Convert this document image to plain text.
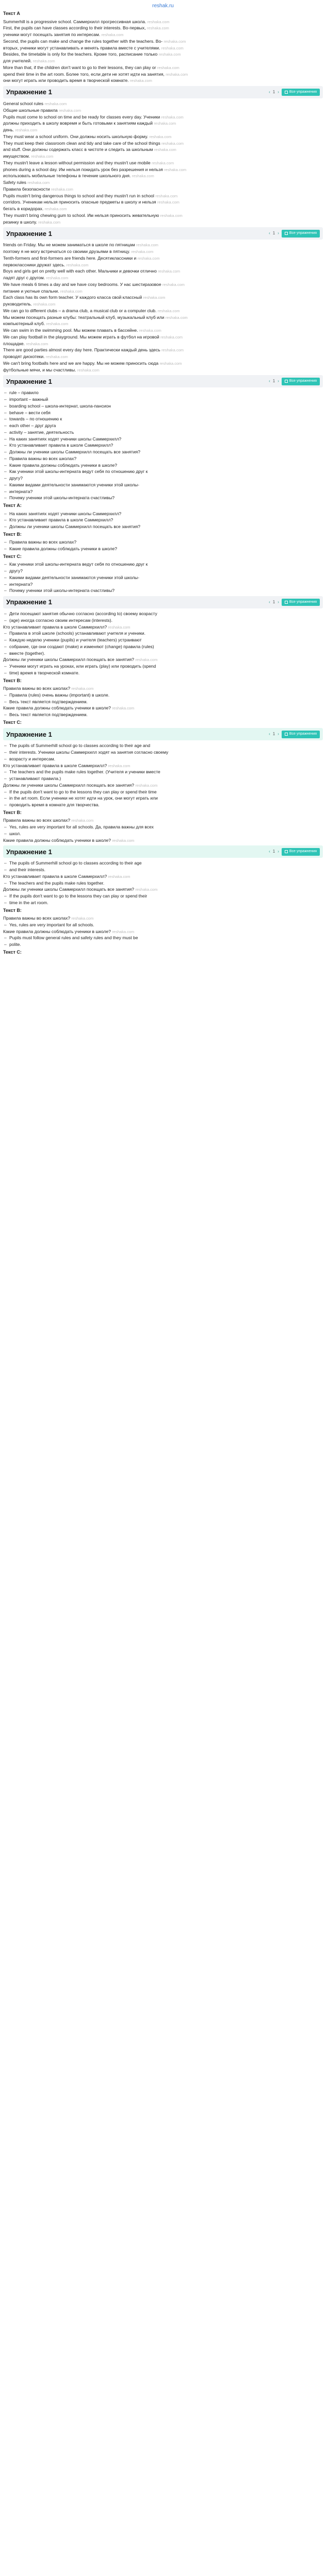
reshak.ru
Текст А

Summerhill is a progressive school. Саммерхилл прогрессивная школа. reshaka.com

First, the pupils can have classes according to their interests. Во-первых, reshaka.com

ученики могут посещать занятия по интересам. reshaka.com

Second, the pupils can make and change the rules together with the teachers. Во- reshaka.com

вторых, ученики могут устанавливать и менять правила вместе с учителями. reshaka.com

Besides, the timetable is only for the teachers. Кроме того, расписание только reshaka.com

для учителей. reshaka.com

More than that, if the children don't want to go to their lessons, they can play or reshaka.com

spend their time in the art room. Более того, если дети не хотят идти на занятия, reshaka.com

они могут играть или проводить время в творческой комнате. reshaka.com

Упражнение 1	‹ 1 ›	Все упражнения

General school rules reshaka.com

Общие школьные правила reshaka.com

Pupils must come to school on time and be ready for classes every day. Ученики reshaka.com

должны приходить в школу вовремя и быть готовыми к занятиям каждый reshaka.com

день. reshaka.com

They must wear a school uniform. Они должны носить школьную форму. reshaka.com

They must keep their classroom clean and tidy and take care of the school things reshaka.com

and stuff. Они должны содержать класс в чистоте и следить за школьным reshaka.com

имуществом. reshaka.com

They mustn't leave a lesson without permission and they mustn't use mobile reshaka.com

phones during a school day. Им нельзя покидать урок без разрешения и нельзя reshaka.com

использовать мобильные телефоны в течение школьного дня. reshaka.com

Safety rules reshaka.com

Правила безопасности reshaka.com

Pupils mustn't bring dangerous things to school and they mustn't run in school reshaka.com

corridors. Ученикам нельзя приносить опасные предметы в школу и нельзя reshaka.com

бегать в коридорах. reshaka.com

They mustn't bring chewing gum to school. Им нельзя приносить жевательную reshaka.com

резинку в школу. reshaka.com

Упражнение 1	‹ 1 ›	Все упражнения

friends on Friday. Мы не можем заниматься в школе по пятницам reshaka.com

поэтому я не могу встречаться со своими друзьями в пятницу. reshaka.com

Tenth-formers and first-formers are friends here. Десятиклассники и reshaka.com

первоклассники дружат здесь. reshaka.com

Boys and girls get on pretty well with each other. Мальчики и девочки отлично reshaka.com

ладят друг с другом. reshaka.com

We have meals 6 times a day and we have cosy bedrooms. У нас шестиразовое reshaka.com

питание и уютные спальни. reshaka.com

Each class has its own form teacher. У каждого класса свой классный reshaka.com

руководитель. reshaka.com

We can go to different clubs – a drama club, a musical club or a computer club. reshaka.com

Мы можем посещать разные клубы: театральный клуб, музыкальный клуб или reshaka.com

компьютерный клуб. reshaka.com

We can swim in the swimming pool. Мы можем плавать в бассейне. reshaka.com

We can play football in the playground. Мы можем играть в футбол на игровой reshaka.com

площадке. reshaka.com

There are good parties almost every day here. Практически каждый день здесь reshaka.com

проводят дискотеки. reshaka.com

We can't bring footballs here and we are happy. Мы не можем приносить сюда reshaka.com

футбольные мячи, и мы счастливы. reshaka.com

Упражнение 1	‹ 1 ›	Все упражнения
– rule – правило
– important – важный
– boarding school – школа-интернат, школа-пансион
– behave – вести себя
– towards – по отношению к
– each other – друг друга
– activity – занятие, деятельность
– На каких занятиях ходят ученики школы Саммерхилл?
– Кто устанавливает правила в школе Саммерхилл?
– Должны ли ученики школы Саммерхилл посещать все занятия?
– Правила важны во всех школах?
– Какие правила должны соблюдать ученики в школе?
– Как ученики этой школы-интерната ведут себя по отношению друг к
– другу?
– Какими видами деятельности занимаются ученики этой школы-
– интерната?
– Почему ученики этой школы-интерната счастливы?
Текст А:
– На каких занятиях ходят ученики школы Саммерхилл?
– Кто устанавливает правила в школе Саммерхилл?
– Должны ли ученики школы Саммерхилл посещать все занятия?
Текст B:
– Правила важны во всех школах?
– Какие правила должны соблюдать ученики в школе?
Текст C:
– Как ученики этой школы-интерната ведут себя по отношению друг к
– другу?
– Какими видами деятельности занимаются ученики этой школы-
– интерната?
– Почему ученики этой школы-интерната счастливы?
Упражнение 1	‹ 1 ›	Все упражнения
– Дети посещают занятия обычно согласно (according to) своему возрасту
– (age) иногда согласно своим интересам (interests).

Кто устанавливает правила в школе Саммерхилл? reshaka.com

– Правила в этой школе (schools) устанавливают учителя и ученики.
– Каждую неделю ученики (pupils) и учителя (teachers) устраивают
– собрание, где они создают (make) и изменяют (change) правила (rules)
– вместе (together).

Должны ли ученики школы Саммерхилл посещать все занятия? reshaka.com

– Ученики могут играть на уроках, или играть (play) или проводить (spend
– time) время в творческой комнате.
Текст В:

Правила важны во всех школах? reshaka.com

– Правила (rules) очень важны (important) в школе.
– Весь текст является подтверждением.

Какие правила должны соблюдать ученики в школе? reshaka.com

– Весь текст является подтверждением.
Текст С:
Упражнение 1	‹ 1 ›	Все упражнения
– The pupils of Summerhill school go to classes according to their age and
– their interests. Ученики школы Саммерхилл ходят на занятия согласно своему
– возрасту и интересам.

Кто устанавливает правила в школе Саммерхилл? reshaka.com

– The teachers and the pupils make rules together. (Учителя и ученики вместе
– устанавливают правила.)

Должны ли ученики школы Саммерхилл посещать все занятия? reshaka.com

– If the pupils don't want to go to the lessons they can play or spend their time
– in the art room. Если ученики не хотят идти на урок, они могут играть или
– проводить время в комнате для творчества.
Текст В:

Правила важны во всех школах? reshaka.com

– Yes, rules are very important for all schools. Да, правила важны для всех
– школ.

Какие правила должны соблюдать ученики в школе? reshaka.com

Упражнение 1	‹ 1 ›	Все упражнения
– The pupils of Summerhill school go to classes according to their age
– and their interests.

Кто устанавливает правила в школе Саммерхилл? reshaka.com

– The teachers and the pupils make rules together.

Должны ли ученики школы Саммерхилл посещать все занятия? reshaka.com

– If the pupils don't want to go to the lessons they can play or spend their
– time in the art room.
Текст В:

Правила важны во всех школах? reshaka.com

– Yes, rules are very important for all schools.

Какие правила должны соблюдать ученики в школе? reshaka.com

– Pupils must follow general rules and safety rules and they must be
– polite.
Текст С:
